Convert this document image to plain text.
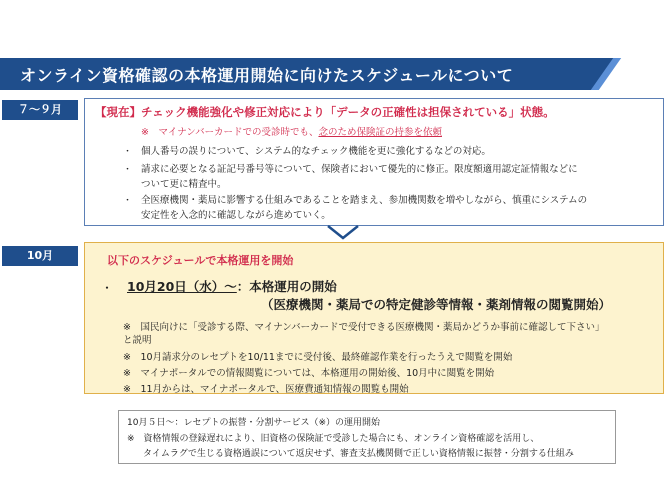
オンライン資格確認の本格運用開始に向けたスケジュールについて
７～９月	【現在】チェック機能強化や修正対応により「データの正確性は担保されている」状態。
※　マイナンバーカードでの受診時でも、念のため保険証の持参を依頼
・ 個人番号の誤りについて、システム的なチェック機能を更に強化するなどの対応。
・ 請求に必要となる証記号番号等について、保険者において優先的に修正。限度額適用認定証情報などに
ついて更に精査中。
・ 全医療機関・薬局に影響する仕組みであることを踏まえ、参加機関数を増やしながら、慎重にシステムの
安定性を入念的に確認しながら進めていく。
10月	以下のスケジュールで本格運用を開始
・ 10月20日（水）～：本格運用の開始
（医療機関・薬局での特定健診等情報・薬剤情報の閲覧開始）
※　国民向けに「受診する際、マイナンバーカードで受付できる医療機関・薬局かどうか事前に確認して下さい」
と説明
※　10月請求分のレセプトを10/11までに受付後、最終確認作業を行ったうえで閲覧を開始
※　マイナポータルでの情報閲覧については、本格運用の開始後、10月中に閲覧を開始
※　11月からは、マイナポータルで、医療費通知情報の閲覧も開始
10月５日～：レセプトの振替・分割サービス（※）の運用開始
※　資格情報の登録遅れにより、旧資格の保険証で受診した場合にも、オンライン資格確認を活用し、
タイムラグで生じる資格過誤について返戻せず、審査支払機関側で正しい資格情報に振替・分割する仕組み
